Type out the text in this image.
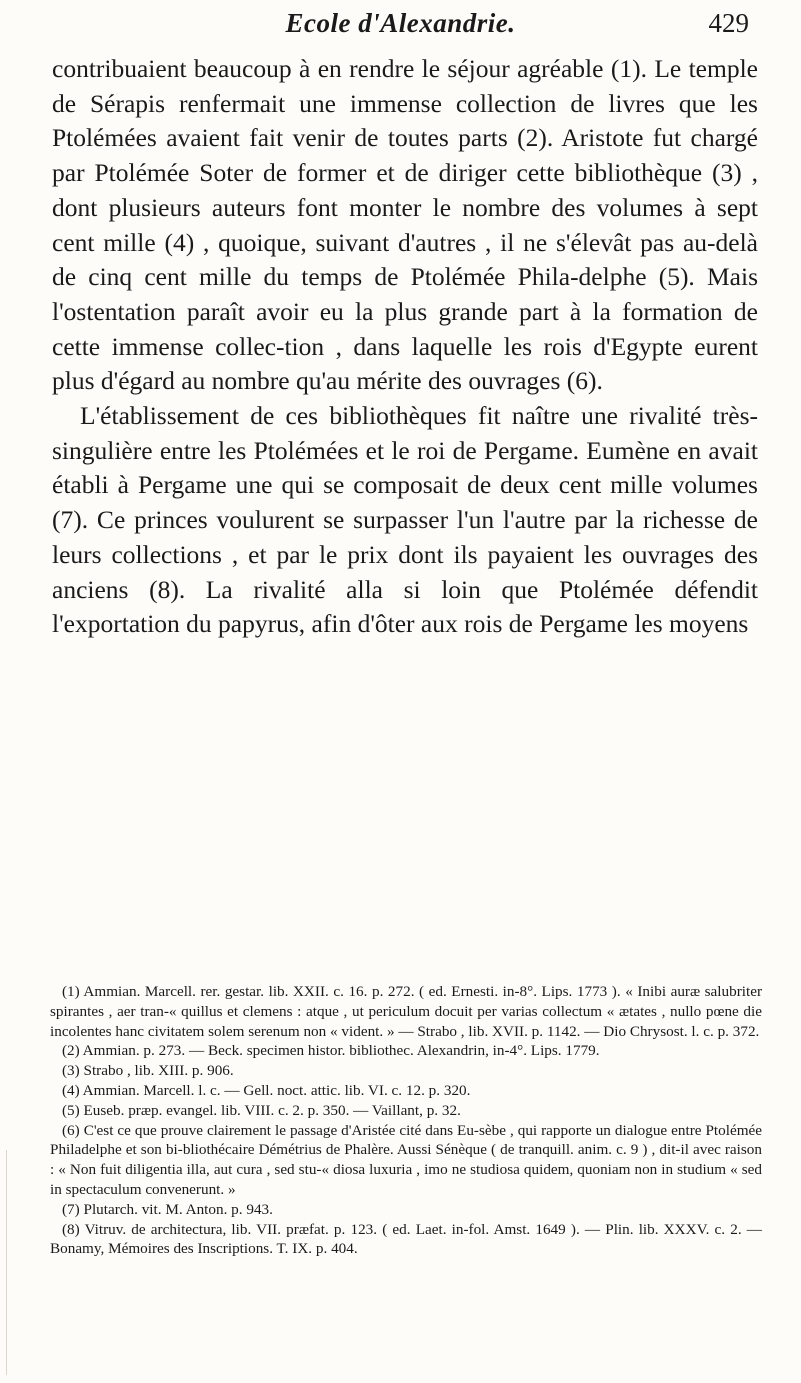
Ecole d'Alexandrie.	429

contribuaient beaucoup à en rendre le séjour agréable (1). Le temple de Sérapis renfermait une immense collection de livres que les Ptolémées avaient fait venir de toutes parts (2). Aristote fut chargé par Ptolémée Soter de former et de diriger cette bibliothèque (3) , dont plusieurs auteurs font monter le nombre des volumes à sept cent mille (4) , quoique, suivant d'autres , il ne s'élevât pas au-delà de cinq cent mille du temps de Ptolémée Phila-delphe (5). Mais l'ostentation paraît avoir eu la plus grande part à la formation de cette immense collec-tion , dans laquelle les rois d'Egypte eurent plus d'égard au nombre qu'au mérite des ouvrages (6).

L'établissement de ces bibliothèques fit naître une rivalité très-singulière entre les Ptolémées et le roi de Pergame. Eumène en avait établi à Pergame une qui se composait de deux cent mille volumes (7). Ce princes voulurent se surpasser l'un l'autre par la richesse de leurs collections , et par le prix dont ils payaient les ouvrages des anciens (8). La rivalité alla si loin que Ptolémée défendit l'exportation du papyrus, afin d'ôter aux rois de Pergame les moyens

(1) Ammian. Marcell. rer. gestar. lib. XXII. c. 16. p. 272. ( ed. Ernesti. in-8°. Lips. 1773 ). « Inibi auræ salubriter spirantes , aer tran-« quillus et clemens : atque , ut periculum docuit per varias collectum « ætates , nullo pœne die incolentes hanc civitatem solem serenum non « vident. » — Strabo , lib. XVII. p. 1142. — Dio Chrysost. l. c. p. 372.

(2) Ammian. p. 273. — Beck. specimen histor. bibliothec. Alexandrin, in-4°. Lips. 1779.

(3) Strabo , lib. XIII. p. 906.

(4) Ammian. Marcell. l. c. — Gell. noct. attic. lib. VI. c. 12. p. 320.

(5) Euseb. præp. evangel. lib. VIII. c. 2. p. 350. — Vaillant, p. 32.

(6) C'est ce que prouve clairement le passage d'Aristée cité dans Eu-sèbe , qui rapporte un dialogue entre Ptolémée Philadelphe et son bi-bliothécaire Démétrius de Phalère. Aussi Sénèque ( de tranquill. anim. c. 9 ) , dit-il avec raison : « Non fuit diligentia illa, aut cura , sed stu-« diosa luxuria , imo ne studiosa quidem, quoniam non in studium « sed in spectaculum convenerunt. »

(7) Plutarch. vit. M. Anton. p. 943.

(8) Vitruv. de architectura, lib. VII. præfat. p. 123. ( ed. Laet. in-fol. Amst. 1649 ). — Plin. lib. XXXV. c. 2. — Bonamy, Mémoires des Inscriptions. T. IX. p. 404.
